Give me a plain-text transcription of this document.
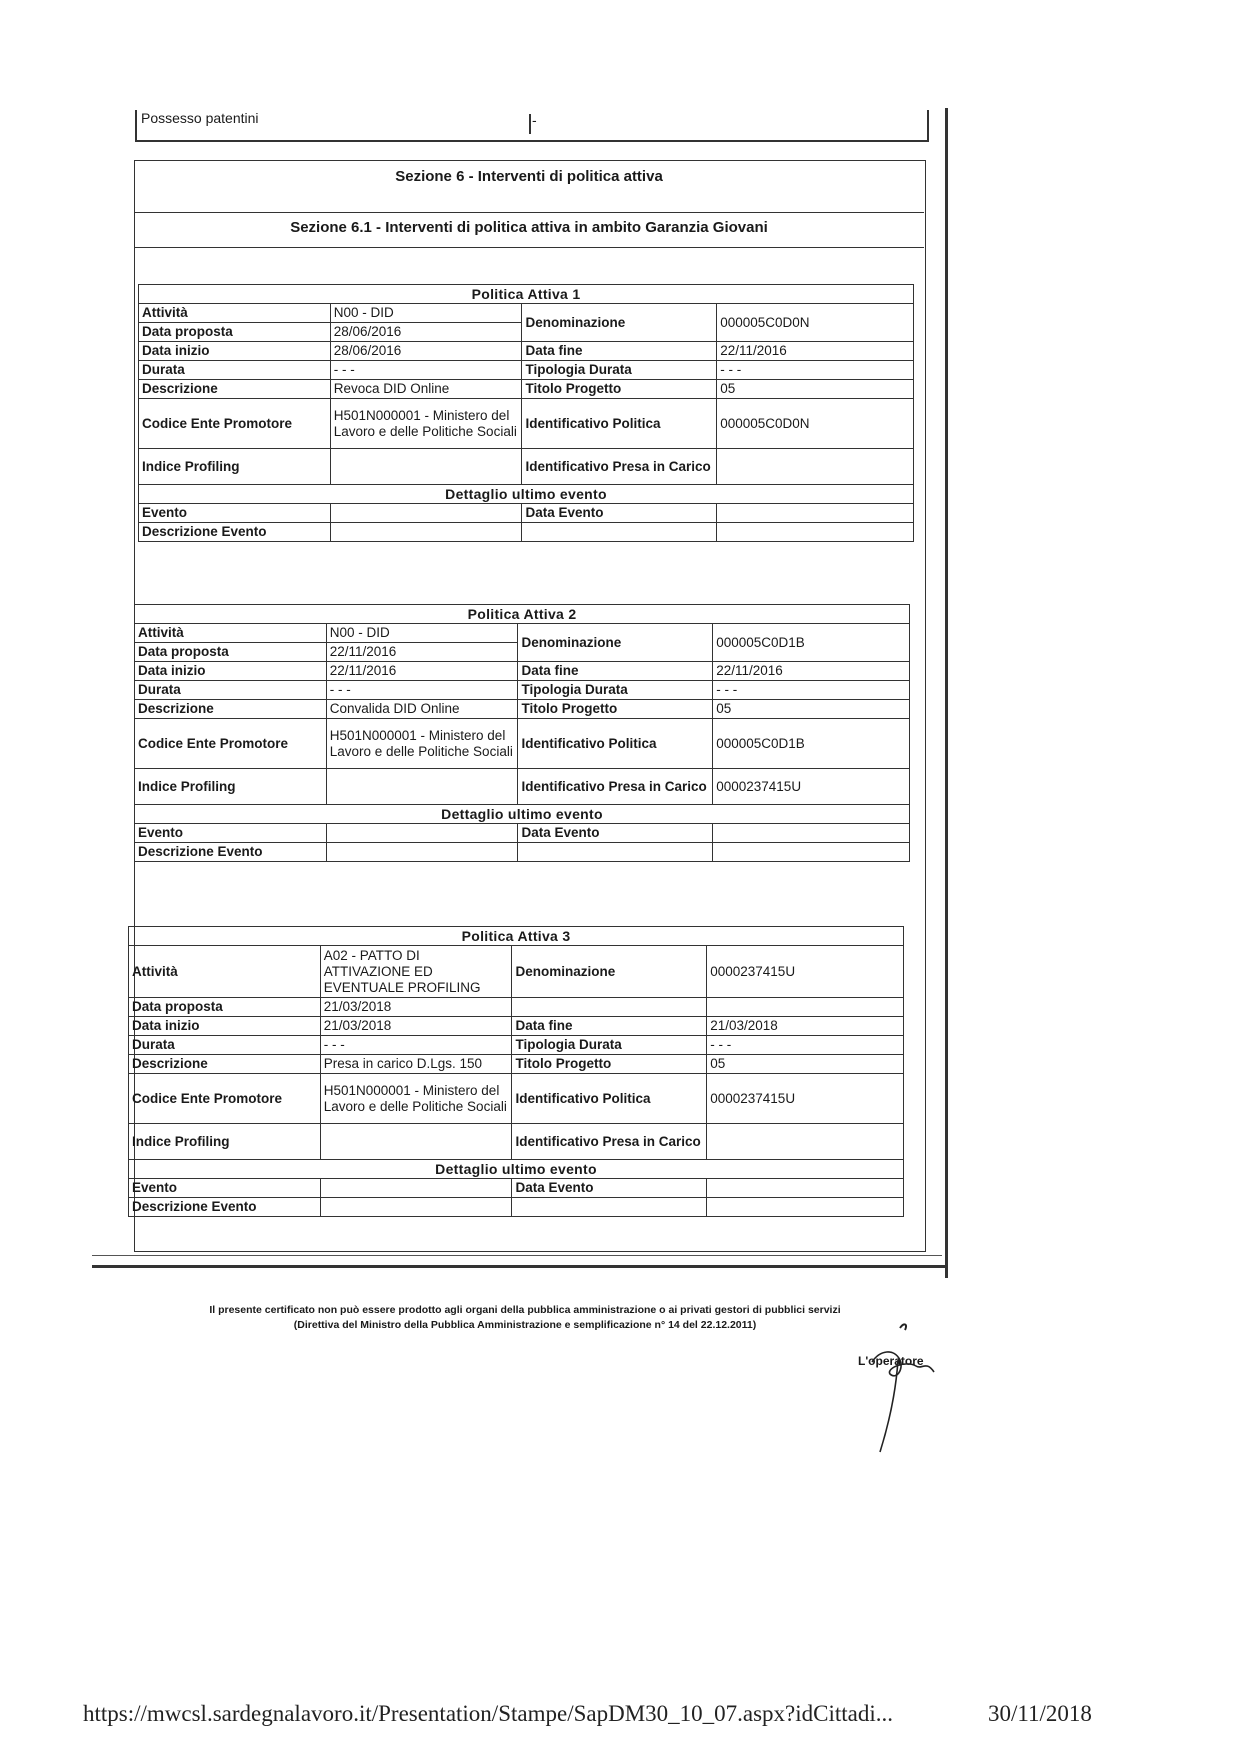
Possesso patentini	-
Sezione 6 - Interventi di politica attiva
Sezione 6.1 - Interventi di politica attiva in ambito Garanzia Giovani
Politica Attiva 1			
Attività	N00 - DID	Denominazione	000005C0D0N
Data proposta	28/06/2016		
Data inizio	28/06/2016	Data fine	22/11/2016
Durata	- - -	Tipologia Durata	- - -
Descrizione	Revoca DID Online	Titolo Progetto	05
Codice Ente Promotore	H501N000001 - Ministero del Lavoro e delle Politiche Sociali	Identificativo Politica	000005C0D0N
Indice Profiling		Identificativo Presa in Carico	
Dettaglio ultimo evento			
Evento		Data Evento	
Descrizione Evento			
Politica Attiva 2			
Attività	N00 - DID	Denominazione	000005C0D1B
Data proposta	22/11/2016		
Data inizio	22/11/2016	Data fine	22/11/2016
Durata	- - -	Tipologia Durata	- - -
Descrizione	Convalida DID Online	Titolo Progetto	05
Codice Ente Promotore	H501N000001 - Ministero del Lavoro e delle Politiche Sociali	Identificativo Politica	000005C0D1B
Indice Profiling		Identificativo Presa in Carico	0000237415U
Dettaglio ultimo evento			
Evento		Data Evento	
Descrizione Evento			
Politica Attiva 3			
Attività	A02 - PATTO DI ATTIVAZIONE ED EVENTUALE PROFILING	Denominazione	0000237415U
Data proposta	21/03/2018		
Data inizio	21/03/2018	Data fine	21/03/2018
Durata	- - -	Tipologia Durata	- - -
Descrizione	Presa in carico D.Lgs. 150	Titolo Progetto	05
Codice Ente Promotore	H501N000001 - Ministero del Lavoro e delle Politiche Sociali	Identificativo Politica	0000237415U
Indice Profiling		Identificativo Presa in Carico	
Dettaglio ultimo evento			
Evento		Data Evento	
Descrizione Evento			
Il presente certificato non può essere prodotto agli organi della pubblica amministrazione o ai privati gestori di pubblici servizi
(Direttiva del Ministro della Pubblica Amministrazione e semplificazione n° 14 del 22.12.2011)
L'operatore
https://mwcsl.sardegnalavoro.it/Presentation/Stampe/SapDM30_10_07.aspx?idCittadi...	30/11/2018
